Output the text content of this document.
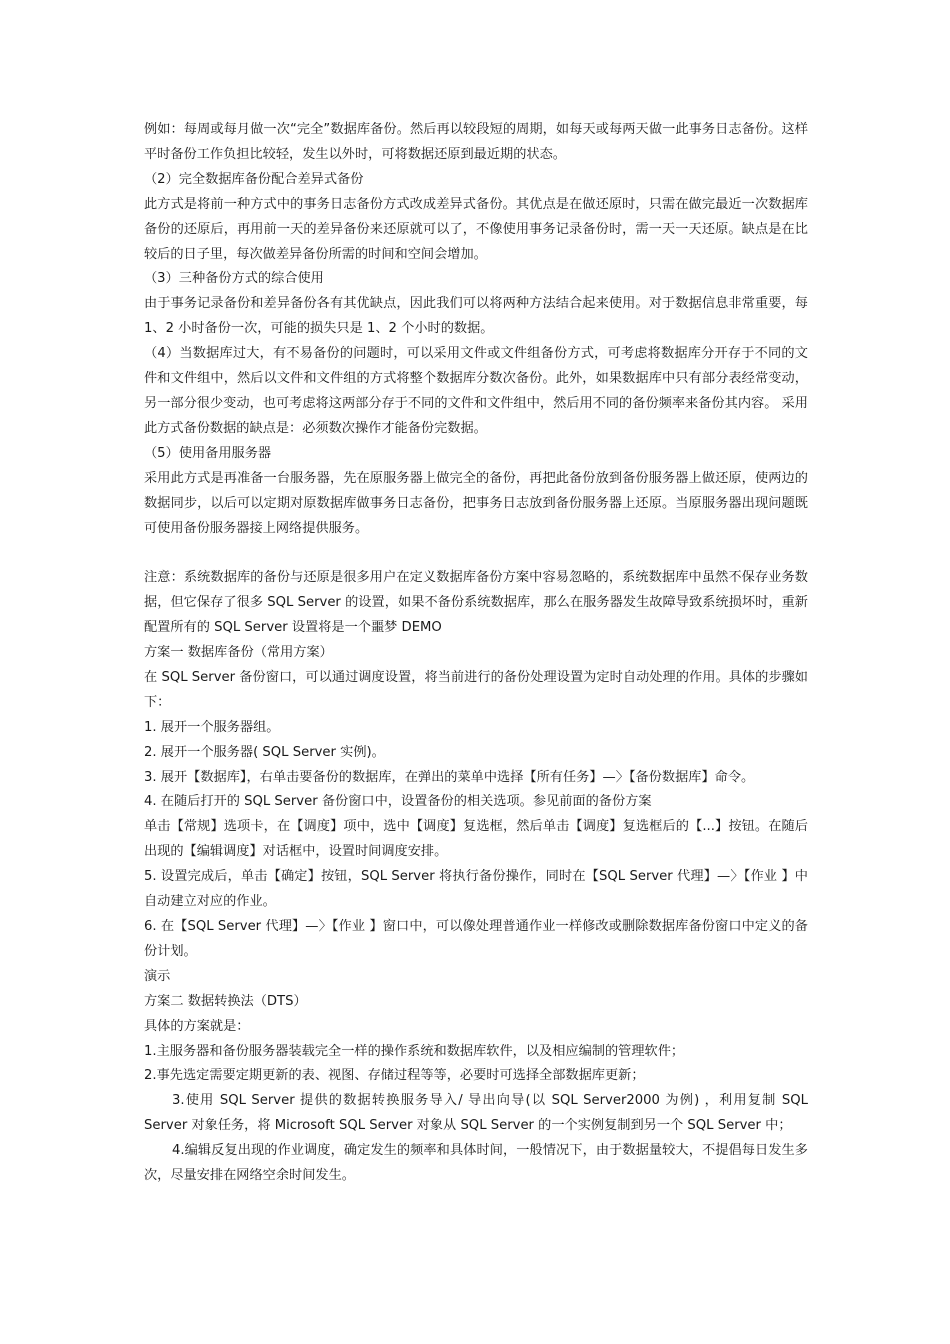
例如：每周或每月做一次“完全”数据库备份。然后再以较段短的周期，如每天或每两天做一此事务日志备份。这样平时备份工作负担比较轻，发生以外时，可将数据还原到最近期的状态。

（2）完全数据库备份配合差异式备份

此方式是将前一种方式中的事务日志备份方式改成差异式备份。其优点是在做还原时，只需在做完最近一次数据库备份的还原后，再用前一天的差异备份来还原就可以了，不像使用事务记录备份时，需一天一天还原。缺点是在比较后的日子里，每次做差异备份所需的时间和空间会增加。

（3）三种备份方式的综合使用

由于事务记录备份和差异备份各有其优缺点，因此我们可以将两种方法结合起来使用。对于数据信息非常重要，每 1、2 小时备份一次，可能的损失只是 1、2 个小时的数据。

（4）当数据库过大，有不易备份的问题时，可以采用文件或文件组备份方式，可考虑将数据库分开存于不同的文件和文件组中，然后以文件和文件组的方式将整个数据库分数次备份。此外，如果数据库中只有部分表经常变动，另一部分很少变动，也可考虑将这两部分存于不同的文件和文件组中，然后用不同的备份频率来备份其内容。 采用此方式备份数据的缺点是：必须数次操作才能备份完数据。

（5）使用备用服务器

采用此方式是再准备一台服务器，先在原服务器上做完全的备份，再把此备份放到备份服务器上做还原，使两边的数据同步，以后可以定期对原数据库做事务日志备份，把事务日志放到备份服务器上还原。当原服务器出现问题既可使用备份服务器接上网络提供服务。

注意：系统数据库的备份与还原是很多用户在定义数据库备份方案中容易忽略的，系统数据库中虽然不保存业务数据，但它保存了很多 SQL Server 的设置，如果不备份系统数据库，那么在服务器发生故障导致系统损坏时，重新配置所有的 SQL Server 设置将是一个噩梦 DEMO

方案一 数据库备份（常用方案）

在 SQL Server 备份窗口，可以通过调度设置，将当前进行的备份处理设置为定时自动处理的作用。具体的步骤如下：

1. 展开一个服务器组。

2. 展开一个服务器( SQL Server 实例)。

3. 展开【数据库】，右单击要备份的数据库，在弹出的菜单中选择【所有任务】—〉【备份数据库】命令。

4. 在随后打开的 SQL Server 备份窗口中，设置备份的相关选项。参见前面的备份方案

单击【常规】选项卡，在【调度】项中，选中【调度】复选框，然后单击【调度】复选框后的【...】按钮。在随后出现的【编辑调度】对话框中，设置时间调度安排。

5. 设置完成后，单击【确定】按钮，SQL Server 将执行备份操作，同时在【SQL Server 代理】—〉【作业 】中自动建立对应的作业。

6. 在【SQL Server 代理】—〉【作业 】窗口中，可以像处理普通作业一样修改或删除数据库备份窗口中定义的备份计划。

演示

方案二 数据转换法（DTS）

具体的方案就是：

1.主服务器和备份服务器装载完全一样的操作系统和数据库软件，以及相应编制的管理软件；

2.事先选定需要定期更新的表、视图、存储过程等等，必要时可选择全部数据库更新；

3.使用 SQL Server 提供的数据转换服务导入/ 导出向导(以 SQL Server2000 为例) ，利用复制 SQL Server 对象任务，将 Microsoft SQL Server 对象从 SQL Server 的一个实例复制到另一个 SQL Server 中；

4.编辑反复出现的作业调度，确定发生的频率和具体时间，一般情况下，由于数据量较大，不提倡每日发生多次，尽量安排在网络空余时间发生。
